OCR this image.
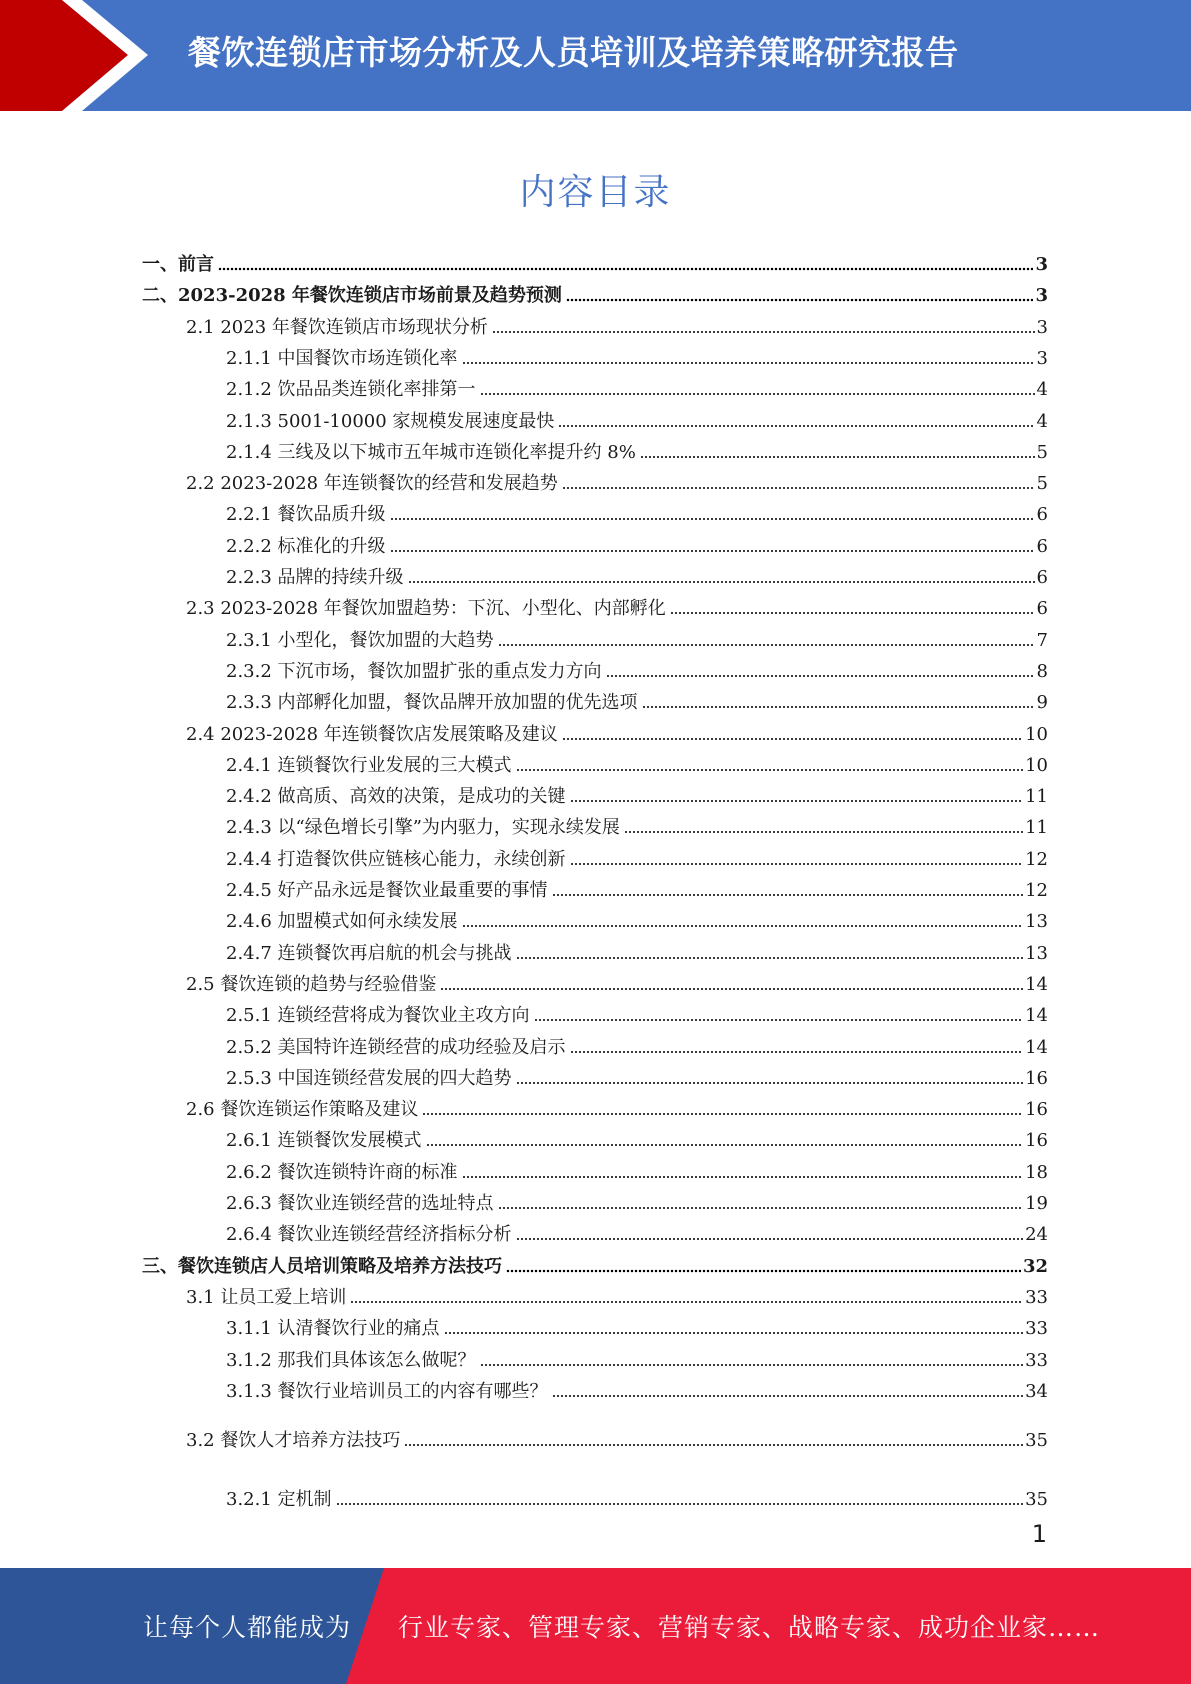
餐饮连锁店市场分析及人员培训及培养策略研究报告
内容目录
一、前言	3
二、2023-2028 年餐饮连锁店市场前景及趋势预测	3
2.1 2023 年餐饮连锁店市场现状分析	3
2.1.1 中国餐饮市场连锁化率	3
2.1.2 饮品品类连锁化率排第一	4
2.1.3 5001-10000 家规模发展速度最快	4
2.1.4 三线及以下城市五年城市连锁化率提升约 8%	5
2.2 2023-2028 年连锁餐饮的经营和发展趋势	5
2.2.1 餐饮品质升级	6
2.2.2 标准化的升级	6
2.2.3 品牌的持续升级	6
2.3 2023-2028 年餐饮加盟趋势：下沉、小型化、内部孵化	6
2.3.1 小型化，餐饮加盟的大趋势	7
2.3.2 下沉市场，餐饮加盟扩张的重点发力方向	8
2.3.3 内部孵化加盟，餐饮品牌开放加盟的优先选项	9
2.4 2023-2028 年连锁餐饮店发展策略及建议	10
2.4.1 连锁餐饮行业发展的三大模式	10
2.4.2 做高质、高效的决策，是成功的关键	11
2.4.3 以“绿色增长引擎”为内驱力，实现永续发展	11
2.4.4 打造餐饮供应链核心能力，永续创新	12
2.4.5 好产品永远是餐饮业最重要的事情	12
2.4.6 加盟模式如何永续发展	13
2.4.7 连锁餐饮再启航的机会与挑战	13
2.5 餐饮连锁的趋势与经验借鉴	14
2.5.1 连锁经营将成为餐饮业主攻方向	14
2.5.2 美国特许连锁经营的成功经验及启示	14
2.5.3 中国连锁经营发展的四大趋势	16
2.6 餐饮连锁运作策略及建议	16
2.6.1 连锁餐饮发展模式	16
2.6.2 餐饮连锁特许商的标准	18
2.6.3 餐饮业连锁经营的选址特点	19
2.6.4 餐饮业连锁经营经济指标分析	24
三、餐饮连锁店人员培训策略及培养方法技巧	32
3.1 让员工爱上培训	33
3.1.1 认清餐饮行业的痛点	33
3.1.2 那我们具体该怎么做呢？	33
3.1.3 餐饮行业培训员工的内容有哪些？	34
3.2 餐饮人才培养方法技巧	35
3.2.1 定机制	35
1
让每个人都能成为 行业专家、管理专家、营销专家、战略专家、成功企业家……
